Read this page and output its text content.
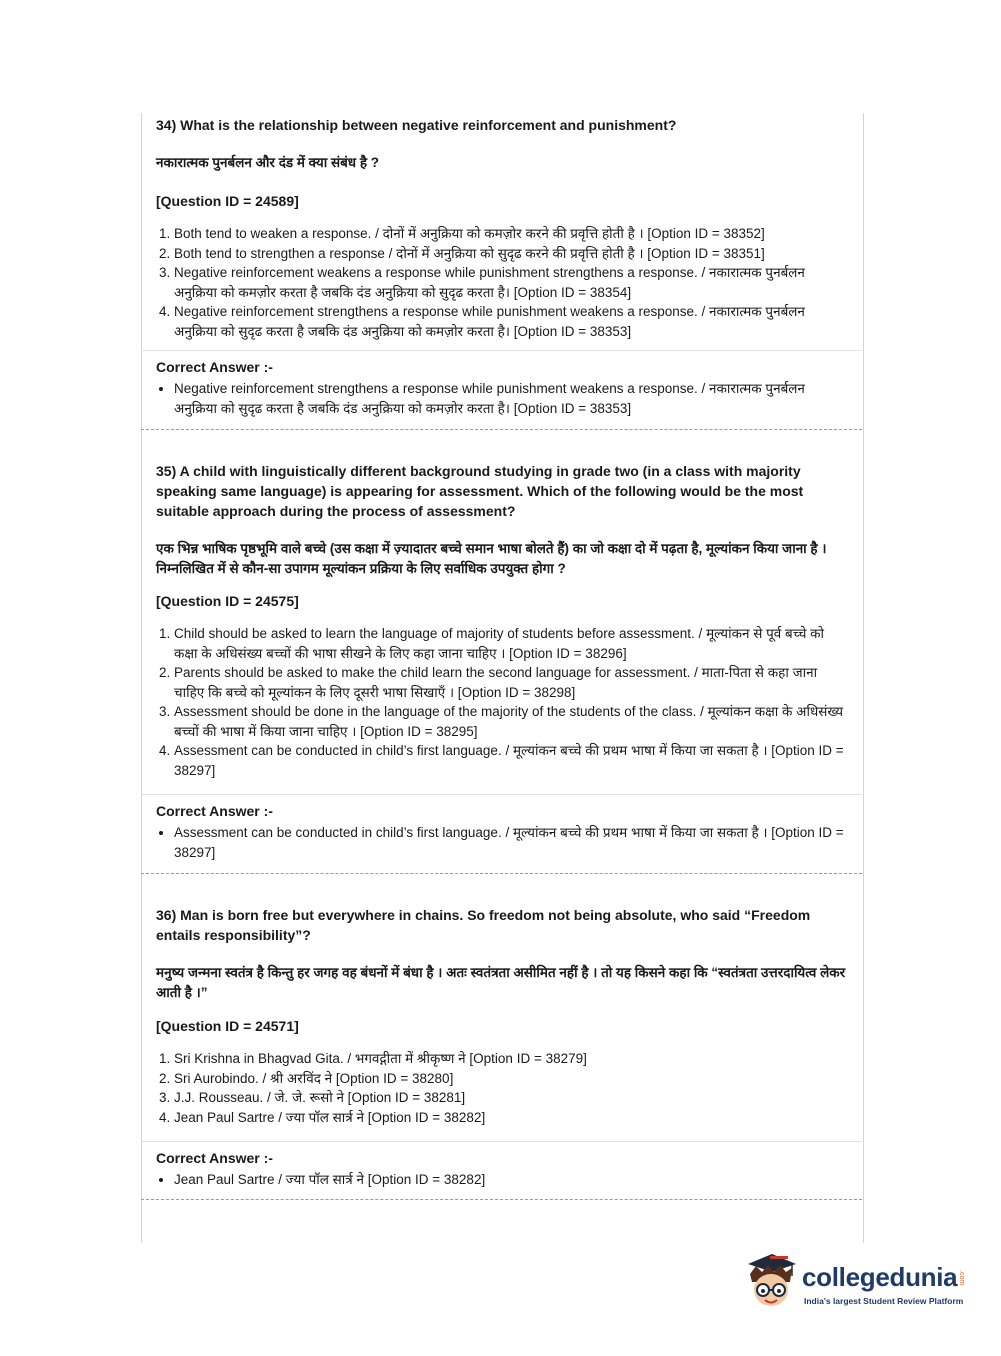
34) What is the relationship between negative reinforcement and punishment?

नकारात्मक पुनर्बलन और दंड में क्या संबंध है ?

[Question ID = 24589]

1. Both tend to weaken a response. / दोनों में अनुक्रिया को कमज़ोर करने की प्रवृत्ति होती है । [Option ID = 38352]
2. Both tend to strengthen a response / दोनों में अनुक्रिया को सुदृढ करने की प्रवृत्ति होती है । [Option ID = 38351]
3. Negative reinforcement weakens a response while punishment strengthens a response. / नकारात्मक पुनर्बलन अनुक्रिया को कमज़ोर करता है जबकि दंड अनुक्रिया को सुदृढ करता है। [Option ID = 38354]
4. Negative reinforcement strengthens a response while punishment weakens a response. / नकारात्मक पुनर्बलन अनुक्रिया को सुदृढ करता है जबकि दंड अनुक्रिया को कमज़ोर करता है। [Option ID = 38353]

Correct Answer :-

• Negative reinforcement strengthens a response while punishment weakens a response. / नकारात्मक पुनर्बलन अनुक्रिया को सुदृढ करता है जबकि दंड अनुक्रिया को कमज़ोर करता है। [Option ID = 38353]

35) A child with linguistically different background studying in grade two (in a class with majority speaking same language) is appearing for assessment. Which of the following would be the most suitable approach during the process of assessment?

एक भिन्न भाषिक पृष्ठभूमि वाले बच्चे (उस कक्षा में ज़्यादातर बच्चे समान भाषा बोलते हैं) का जो कक्षा दो में पढ़ता है, मूल्यांकन किया जाना है । निम्नलिखित में से कौन-सा उपागम मूल्यांकन प्रक्रिया के लिए सर्वाधिक उपयुक्त होगा ?

[Question ID = 24575]

1. Child should be asked to learn the language of majority of students before assessment. / मूल्यांकन से पूर्व बच्चे को कक्षा के अधिसंख्य बच्चों की भाषा सीखने के लिए कहा जाना चाहिए । [Option ID = 38296]
2. Parents should be asked to make the child learn the second language for assessment. / माता-पिता से कहा जाना चाहिए कि बच्चे को मूल्यांकन के लिए दूसरी भाषा सिखाएँ । [Option ID = 38298]
3. Assessment should be done in the language of the majority of the students of the class. / मूल्यांकन कक्षा के अधिसंख्य बच्चों की भाषा में किया जाना चाहिए । [Option ID = 38295]
4. Assessment can be conducted in child’s first language. / मूल्यांकन बच्चे की प्रथम भाषा में किया जा सकता है । [Option ID = 38297]

Correct Answer :-

• Assessment can be conducted in child’s first language. / मूल्यांकन बच्चे की प्रथम भाषा में किया जा सकता है । [Option ID = 38297]

36) Man is born free but everywhere in chains. So freedom not being absolute, who said “Freedom entails responsibility”?

मनुष्य जन्मना स्वतंत्र है किन्तु हर जगह वह बंधनों में बंधा है । अतः स्वतंत्रता असीमित नहीं है । तो यह किसने कहा कि “स्वतंत्रता उत्तरदायित्व लेकर आती है ।”

[Question ID = 24571]

1. Sri Krishna in Bhagvad Gita. / भगवद्गीता में श्रीकृष्ण ने [Option ID = 38279]
2. Sri Aurobindo. / श्री अरविंद ने [Option ID = 38280]
3. J.J. Rousseau. / जे. जे. रूसो ने [Option ID = 38281]
4. Jean Paul Sartre / ज्या पॉल सार्त्र ने [Option ID = 38282]

Correct Answer :-

• Jean Paul Sartre / ज्या पॉल सार्त्र ने [Option ID = 38282]
collegedunia .com
India's largest Student Review Platform
